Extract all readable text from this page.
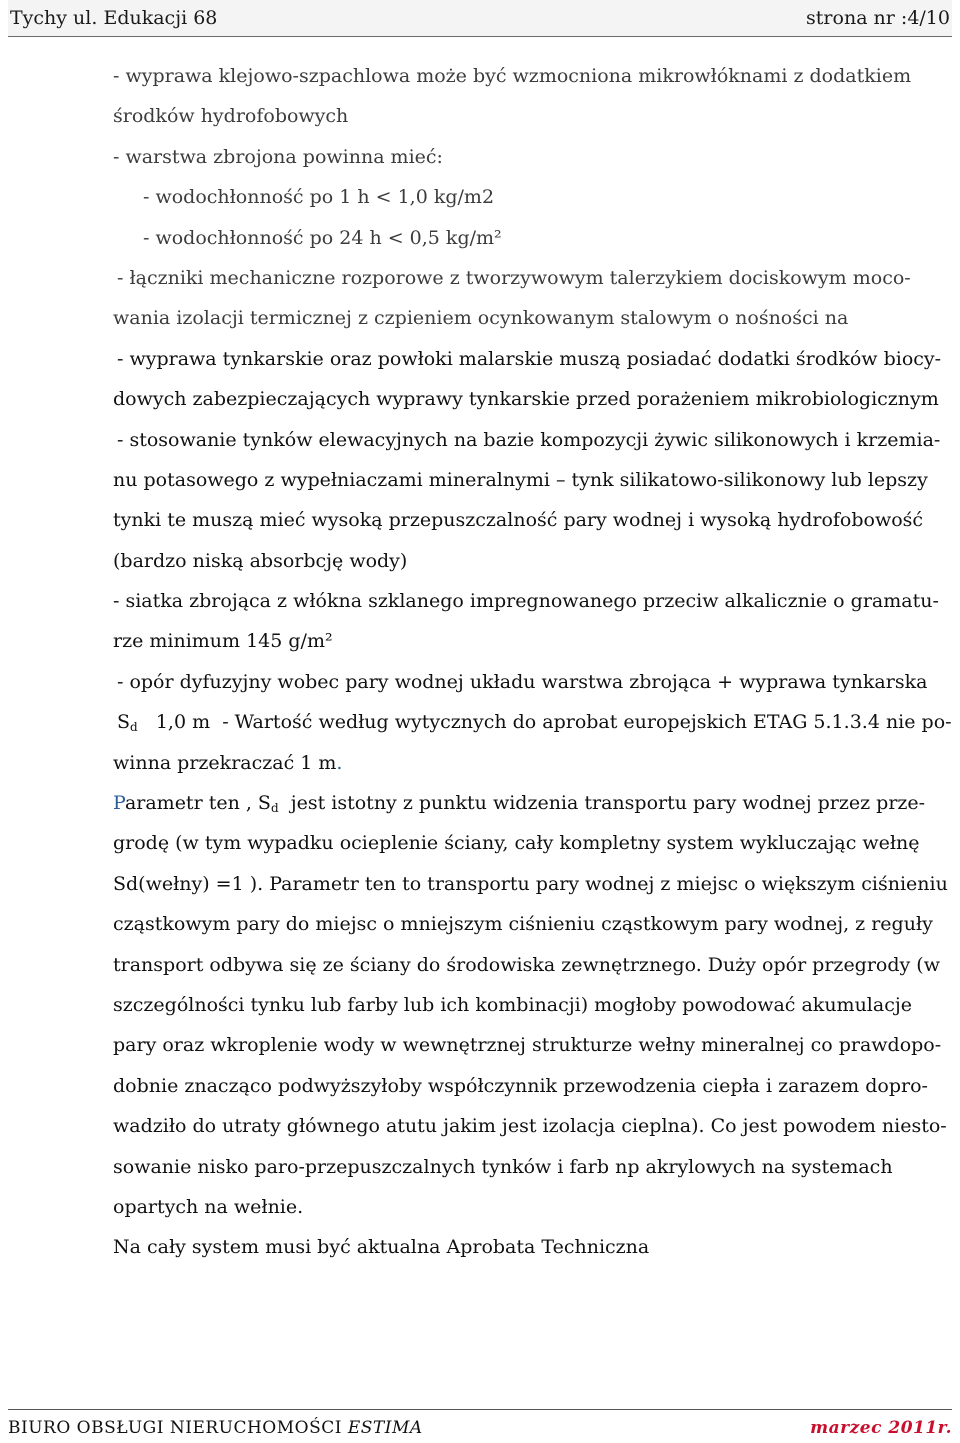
Tychy ul. Edukacji 68	strona nr :4/10
- wyprawa klejowo-szpachlowa może być wzmocniona mikrowłóknami z dodatkiem
środków hydrofobowych
- warstwa zbrojona powinna mieć:
- wodochłonność po 1 h < 1,0 kg/m2
- wodochłonność po 24 h < 0,5 kg/m²
- łączniki mechaniczne rozporowe z tworzywowym talerzykiem dociskowym moco-
wania izolacji termicznej z czpieniem ocynkowanym stalowym o nośności na
- wyprawa tynkarskie oraz powłoki malarskie muszą posiadać dodatki środków biocy-
dowych zabezpieczających wyprawy tynkarskie przed porażeniem mikrobiologicznym
- stosowanie tynków elewacyjnych na bazie kompozycji żywic silikonowych i krzemia-
nu potasowego z wypełniaczami mineralnymi – tynk silikatowo-silikonowy lub lepszy
tynki te muszą mieć wysoką przepuszczalność pary wodnej i wysoką hydrofobowość
(bardzo niską absorbcję wody)
- siatka zbrojąca z włókna szklanego impregnowanego przeciw alkalicznie o gramatu-
rze minimum 145 g/m²
- opór dyfuzyjny wobec pary wodnej układu warstwa zbrojąca + wyprawa tynkarska
$S_d$   1,0 m  - Wartość według wytycznych do aprobat europejskich ETAG 5.1.3.4 nie po-
winna przekraczać 1 m.
Parametr ten , $S_d$  jest istotny z punktu widzenia transportu pary wodnej przez prze-
grodę (w tym wypadku ocieplenie ściany, cały kompletny system wykluczając wełnę
Sd(wełny) =1 ). Parametr ten to transportu pary wodnej z miejsc o większym ciśnieniu
cząstkowym pary do miejsc o mniejszym ciśnieniu cząstkowym pary wodnej, z reguły
transport odbywa się ze ściany do środowiska zewnętrznego. Duży opór przegrody (w
szczególności tynku lub farby lub ich kombinacji) mogłoby powodować akumulacje
pary oraz wkroplenie wody w wewnętrznej strukturze wełny mineralnej co prawdopo-
dobnie znacząco podwyższyłoby współczynnik przewodzenia ciepła i zarazem dopro-
wadziło do utraty głównego atutu jakim jest izolacja cieplna). Co jest powodem niesto-
sowanie nisko paro-przepuszczalnych tynków i farb np akrylowych na systemach
opartych na wełnie.
Na cały system musi być aktualna Aprobata Techniczna
BIURO OBSŁUGI NIERUCHOMOŚCI ESTIMA	marzec 2011r.
